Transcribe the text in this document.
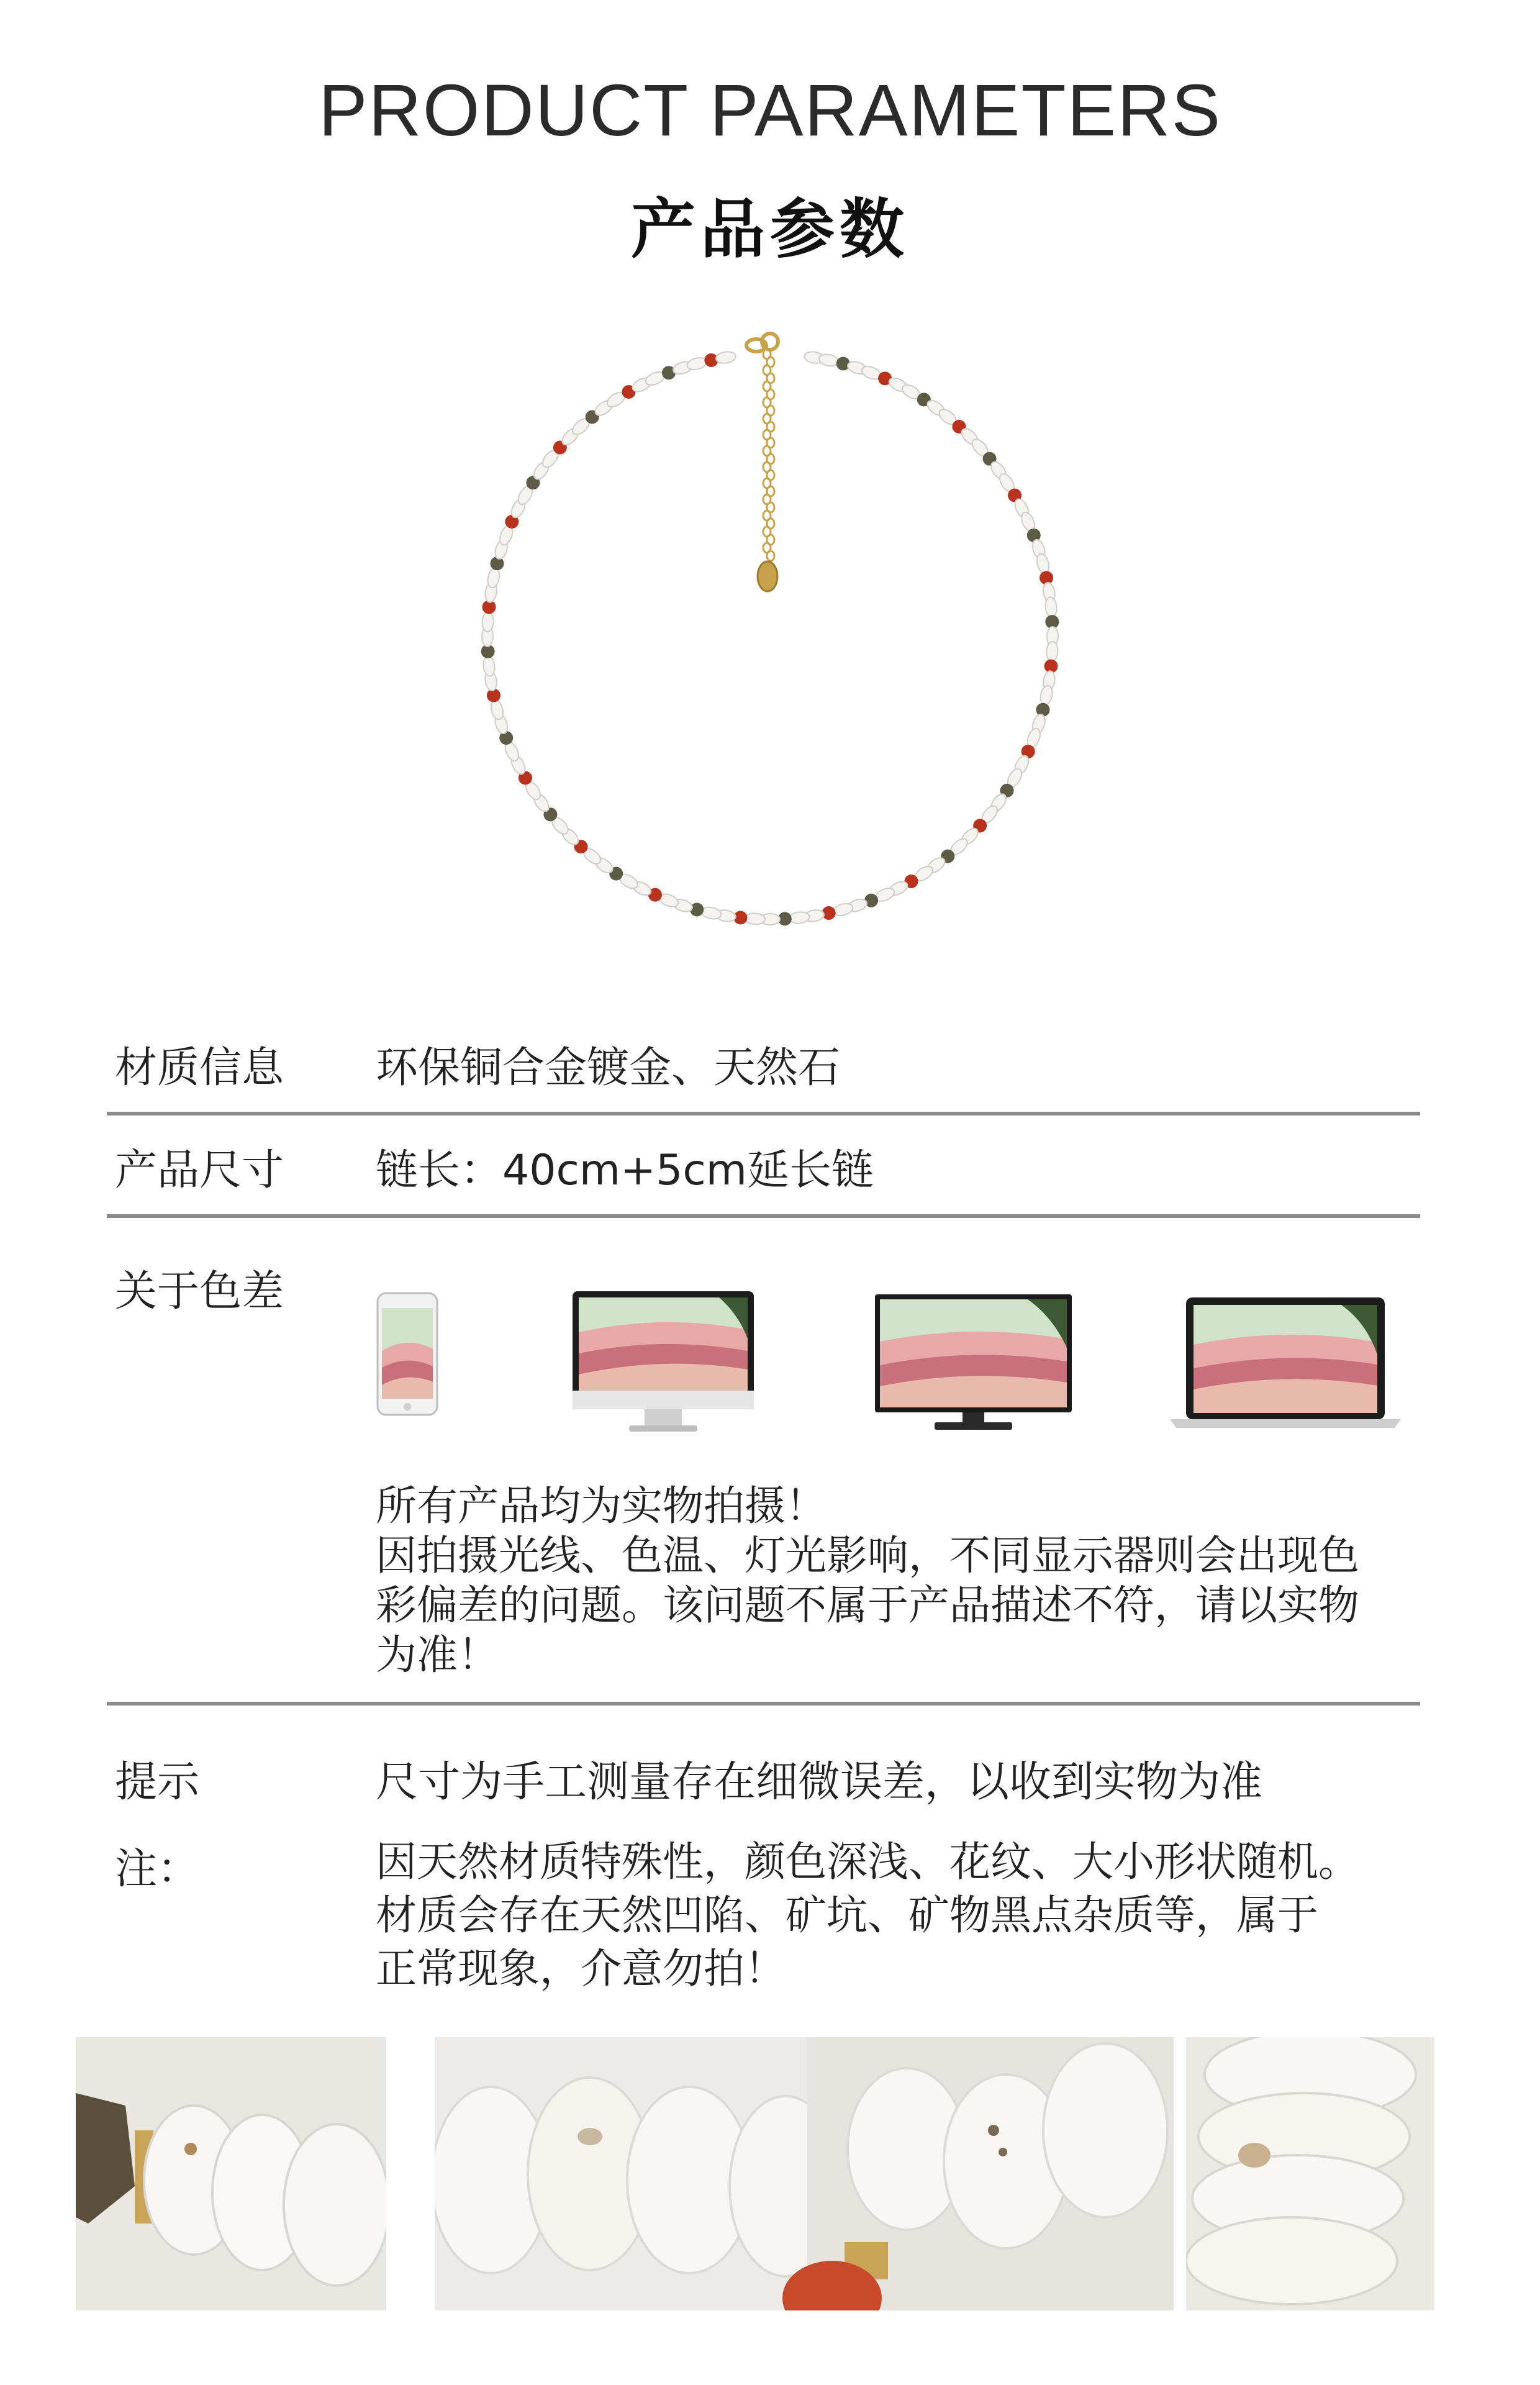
PRODUCT PARAMETERS
产品参数
材质信息 环保铜合金镀金、天然石
产品尺寸 链长：40cm+5cm延长链
关于色差
所有产品均为实物拍摄！
因拍摄光线、色温、灯光影响，不同显示器则会出现色
彩偏差的问题。该问题不属于产品描述不符，请以实物
为准！
提示	尺寸为手工测量存在细微误差，以收到实物为准
注：	因天然材质特殊性，颜色深浅、花纹、大小形状随机。
材质会存在天然凹陷、矿坑、矿物黑点杂质等，属于
正常现象，介意勿拍！
